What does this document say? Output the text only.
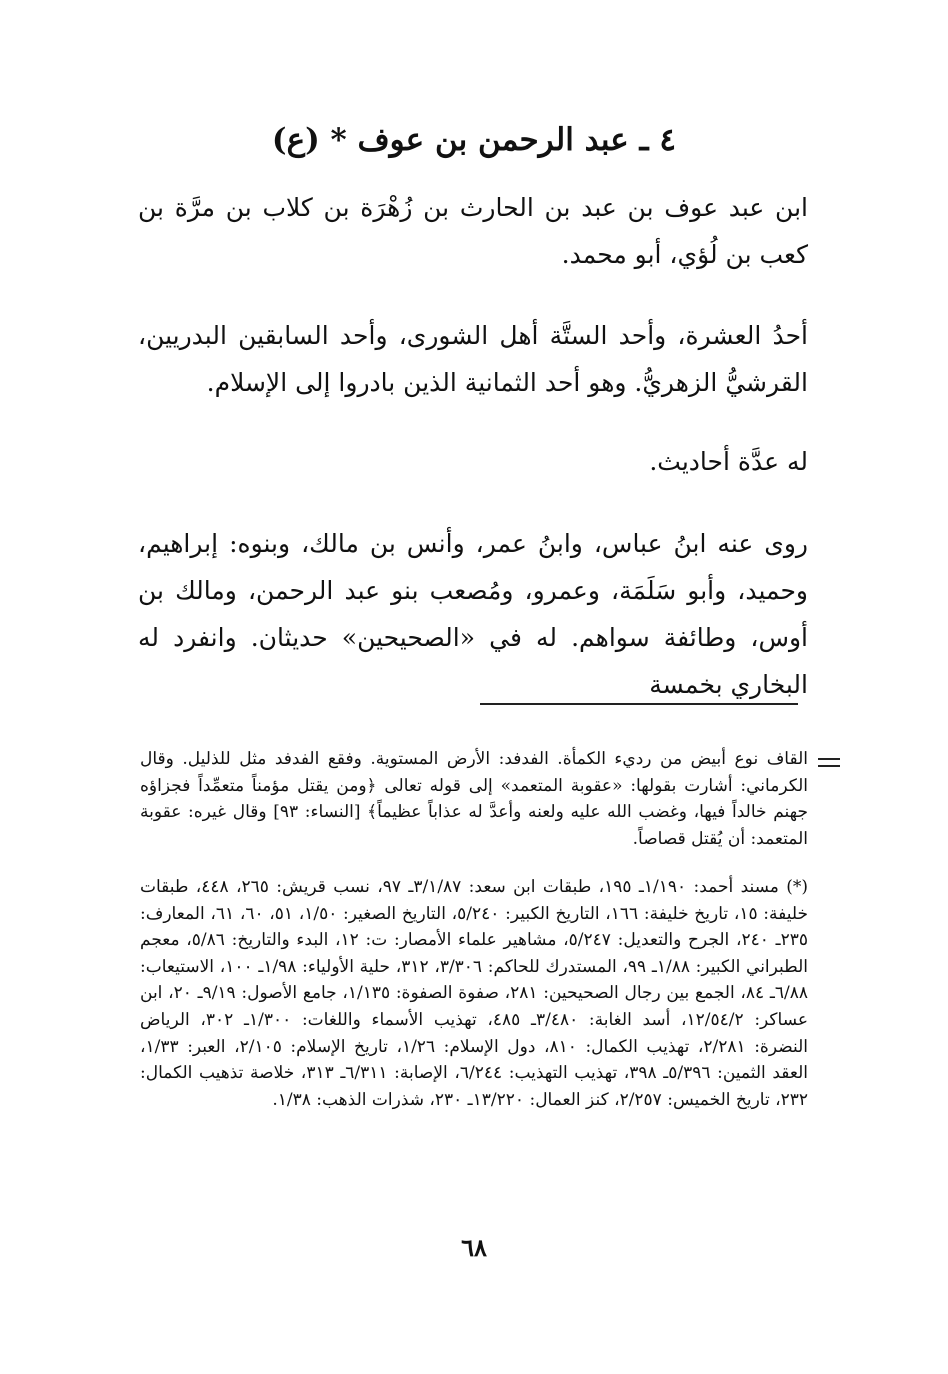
٤ ـ عبد الرحمن بن عوف * (ع)
ابن عبد عوف بن عبد بن الحارث بن زُهْرَة بن كلاب بن مرَّة بن كعب بن لُؤي، أبو محمد.
أحدُ العشرة، وأحد الستَّة أهل الشورى، وأحد السابقين البدريين، القرشيُّ الزهريُّ. وهو أحد الثمانية الذين بادروا إلى الإسلام.
له عدَّة أحاديث.
روى عنه ابنُ عباس، وابنُ عمر، وأنس بن مالك، وبنوه: إبراهيم، وحميد، وأبو سَلَمَة، وعمرو، ومُصعب بنو عبد الرحمن، ومالك بن أوس، وطائفة سواهم. له في «الصحيحين» حديثان. وانفرد له البخاري بخمسة
القاف نوع أبيض من رديء الكمأة. الفدفد: الأرض المستوية. وفقع الفدفد مثل للذليل. وقال الكرماني: أشارت بقولها: «عقوبة المتعمد» إلى قوله تعالى ﴿ومن يقتل مؤمناً متعمِّداً فجزاؤه جهنم خالداً فيها، وغضب الله عليه ولعنه وأعدَّ له عذاباً عظيماً﴾ [النساء: ٩٣] وقال غيره: عقوبة المتعمد: أن يُقتل قصاصاً.
(*) مسند أحمد: ١/١٩٠ـ ١٩٥، طبقات ابن سعد: ٣/١/٨٧ـ ٩٧، نسب قريش: ٢٦٥، ٤٤٨، طبقات خليفة: ١٥، تاريخ خليفة: ١٦٦، التاريخ الكبير: ٥/٢٤٠، التاريخ الصغير: ١/٥٠، ٥١، ٦٠، ٦١، المعارف: ٢٣٥ـ ٢٤٠، الجرح والتعديل: ٥/٢٤٧، مشاهير علماء الأمصار: ت: ١٢، البدء والتاريخ: ٥/٨٦، معجم الطبراني الكبير: ١/٨٨ـ ٩٩، المستدرك للحاكم: ٣/٣٠٦، ٣١٢، حلية الأولياء: ١/٩٨ـ ١٠٠، الاستيعاب: ٦/٨٨ـ ٨٤، الجمع بين رجال الصحيحين: ٢٨١، صفوة الصفوة: ١/١٣٥، جامع الأصول: ٩/١٩ـ ٢٠، ابن عساكر: ١٢/٥٤/٢، أسد الغابة: ٣/٤٨٠ـ ٤٨٥، تهذيب الأسماء واللغات: ١/٣٠٠ـ ٣٠٢، الرياض النضرة: ٢/٢٨١، تهذيب الكمال: ٨١٠، دول الإسلام: ١/٢٦، تاريخ الإسلام: ٢/١٠٥، العبر: ١/٣٣، العقد الثمين: ٥/٣٩٦ـ ٣٩٨، تهذيب التهذيب: ٦/٢٤٤، الإصابة: ٦/٣١١ـ ٣١٣، خلاصة تذهيب الكمال: ٢٣٢، تاريخ الخميس: ٢/٢٥٧، كنز العمال: ١٣/٢٢٠ـ ٢٣٠، شذرات الذهب: ١/٣٨.
٦٨
